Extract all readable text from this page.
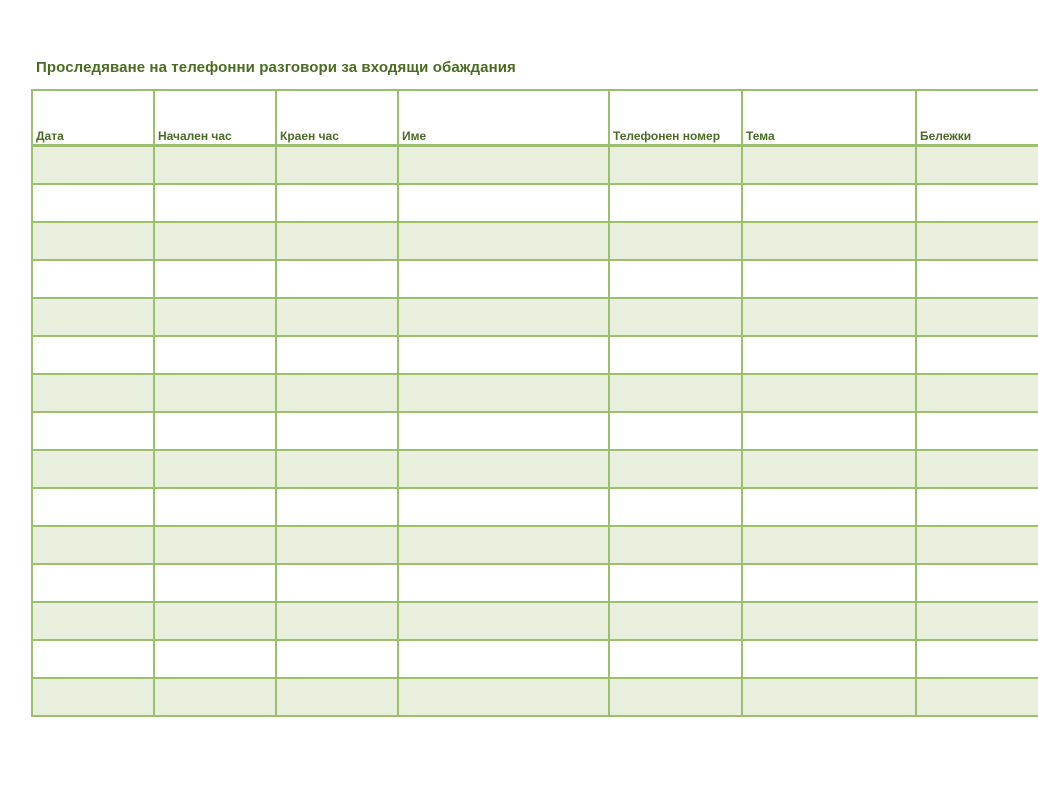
Проследяване на телефонни разговори за входящи обаждания
Дата	Начален час	Краен час	Име	Телефонен номер	Тема	Бележки
